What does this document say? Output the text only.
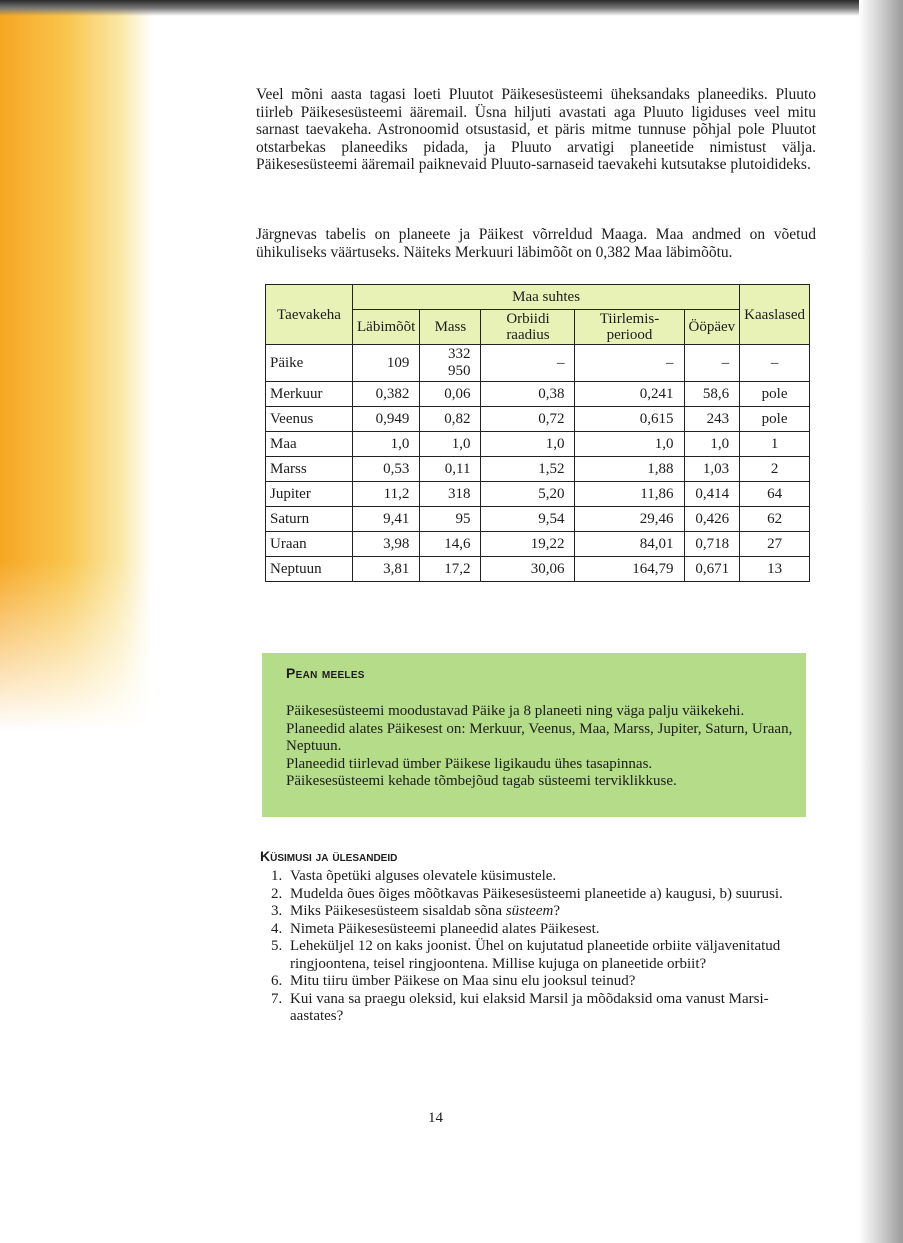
Veel mõni aasta tagasi loeti Pluutot Päikesesüsteemi üheksandaks planeediks. Pluuto tiirleb Päikesesüsteemi ääremail. Üsna hiljuti avastati aga Pluuto ligiduses veel mitu sarnast taevakeha. Astronoomid otsustasid, et päris mitme tunnuse põhjal pole Pluutot otstarbekas planeediks pidada, ja Pluuto arvatigi planeetide nimistust välja. Päikesesüsteemi ääremail paiknevaid Pluuto-sarnaseid taevakehi kutsutakse plutoidideks.

Järgnevas tabelis on planeete ja Päikest võrreldud Maaga. Maa andmed on võetud ühikuliseks väärtuseks. Näiteks Merkuuri läbimõõt on 0,382 Maa läbimõõtu.

Taevakeha	Maa suhtes					Kaaslased
	Läbimõõt	Mass	Orbiidi raadius	Tiirlemis-periood	Ööpäev	
Päike	109	332 950	–	–	–	–
Merkuur	0,382	0,06	0,38	0,241	58,6	pole
Veenus	0,949	0,82	0,72	0,615	243	pole
Maa	1,0	1,0	1,0	1,0	1,0	1
Marss	0,53	0,11	1,52	1,88	1,03	2
Jupiter	11,2	318	5,20	11,86	0,414	64
Saturn	9,41	95	9,54	29,46	0,426	62
Uraan	3,98	14,6	19,22	84,01	0,718	27
Neptuun	3,81	17,2	30,06	164,79	0,671	13
Pean meeles

Päikesesüsteemi moodustavad Päike ja 8 planeeti ning väga palju väikekehi.
Planeedid alates Päikesest on: Merkuur, Veenus, Maa, Marss, Jupiter, Saturn, Uraan, Neptuun.
Planeedid tiirlevad ümber Päikese ligikaudu ühes tasapinnas.
Päikesesüsteemi kehade tõmbejõud tagab süsteemi terviklikkuse.

Küsimusi ja ülesandeid
1. Vasta õpetüki alguses olevatele küsimustele.
2. Mudelda õues õiges mõõtkavas Päikesesüsteemi planeetide a) kaugusi, b) suurusi.
3. Miks Päikesesüsteem sisaldab sõna süsteem?
4. Nimeta Päikesesüsteemi planeedid alates Päikesest.
5. Leheküljel 12 on kaks joonist. Ühel on kujutatud planeetide orbiite väljavenitatud ringjoontena, teisel ringjoontena. Millise kujuga on planeetide orbiit?
6. Mitu tiiru ümber Päikese on Maa sinu elu jooksul teinud?
7. Kui vana sa praegu oleksid, kui elaksid Marsil ja mõõdaksid oma vanust Marsi-aastates?
14
